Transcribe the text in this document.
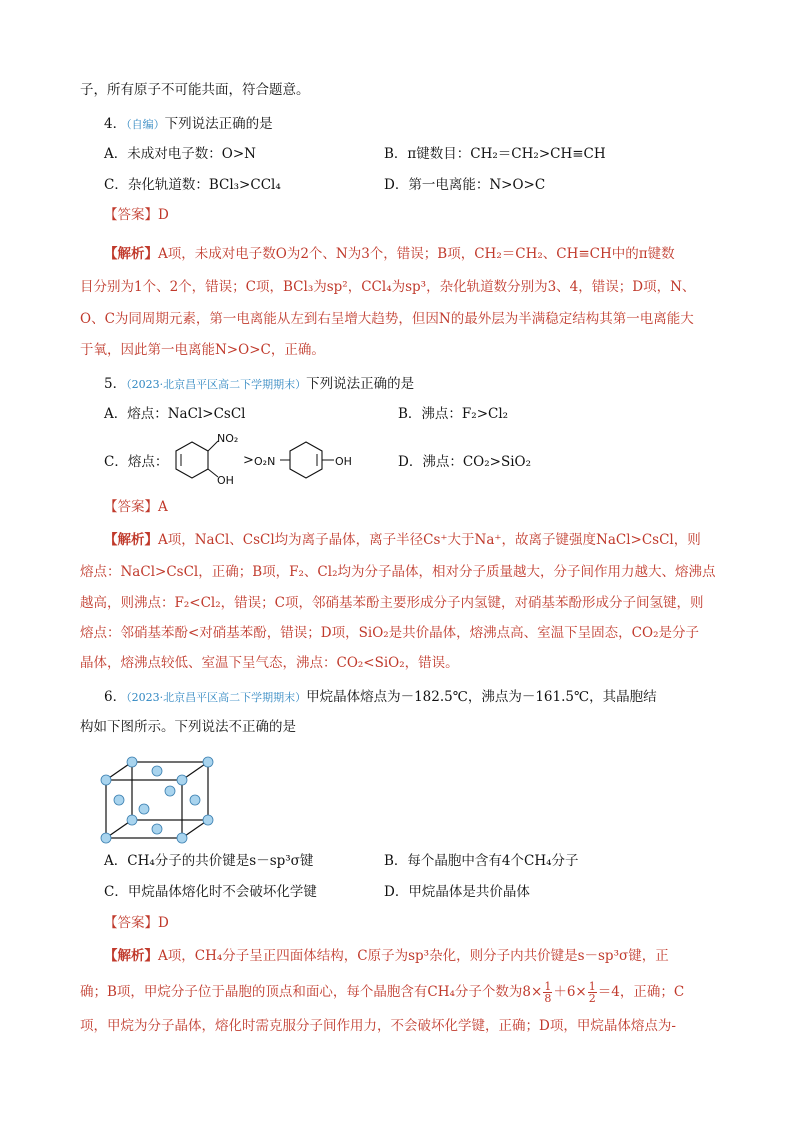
子，所有原子不可能共面，符合题意。
4．（自编）下列说法正确的是
A．未成对电子数：O>N	B．π键数目：CH₂＝CH₂>CH≡CH
C．杂化轨道数：BCl₃>CCl₄	D．第一电离能：N>O>C
【答案】D
【解析】A项，未成对电子数O为2个、N为3个，错误；B项，CH₂＝CH₂、CH≡CH中的π键数
目分别为1个、2个，错误；C项，BCl₃为sp²，CCl₄为sp³，杂化轨道数分别为3、4，错误；D项，N、
O、C为同周期元素，第一电离能从左到右呈增大趋势，但因N的最外层为半满稳定结构其第一电离能大
于氧，因此第一电离能N>O>C，正确。
5．（2023·北京昌平区高二下学期期末）下列说法正确的是
A．熔点：NaCl>CsCl	B．沸点：F₂>Cl₂
C．熔点：
NO₂
OH
> O₂N	OH	D．沸点：CO₂>SiO₂
【答案】A
【解析】A项，NaCl、CsCl均为离子晶体，离子半径Cs⁺大于Na⁺，故离子键强度NaCl>CsCl，则
熔点：NaCl>CsCl，正确；B项，F₂、Cl₂均为分子晶体，相对分子质量越大，分子间作用力越大、熔沸点
越高，则沸点：F₂<Cl₂，错误；C项，邻硝基苯酚主要形成分子内氢键，对硝基苯酚形成分子间氢键，则
熔点：邻硝基苯酚<对硝基苯酚，错误；D项，SiO₂是共价晶体，熔沸点高、室温下呈固态，CO₂是分子
晶体，熔沸点较低、室温下呈气态，沸点：CO₂<SiO₂，错误。
6．（2023·北京昌平区高二下学期期末）甲烷晶体熔点为－182.5℃，沸点为－161.5℃，其晶胞结
构如下图所示。下列说法不正确的是
A．CH₄分子的共价键是s－sp³σ键	B．每个晶胞中含有4个CH₄分子
C．甲烷晶体熔化时不会破坏化学键	D．甲烷晶体是共价晶体
【答案】D
【解析】A项，CH₄分子呈正四面体结构，C原子为sp³杂化，则分子内共价键是s－sp³σ键，正
确；B项，甲烷分子位于晶胞的顶点和面心，每个晶胞含有CH₄分子个数为$8\times \frac{1}{8} +6\times \frac{1}{2} =4$，正确；C
项，甲烷为分子晶体，熔化时需克服分子间作用力，不会破坏化学键，正确；D项，甲烷晶体熔点为-
